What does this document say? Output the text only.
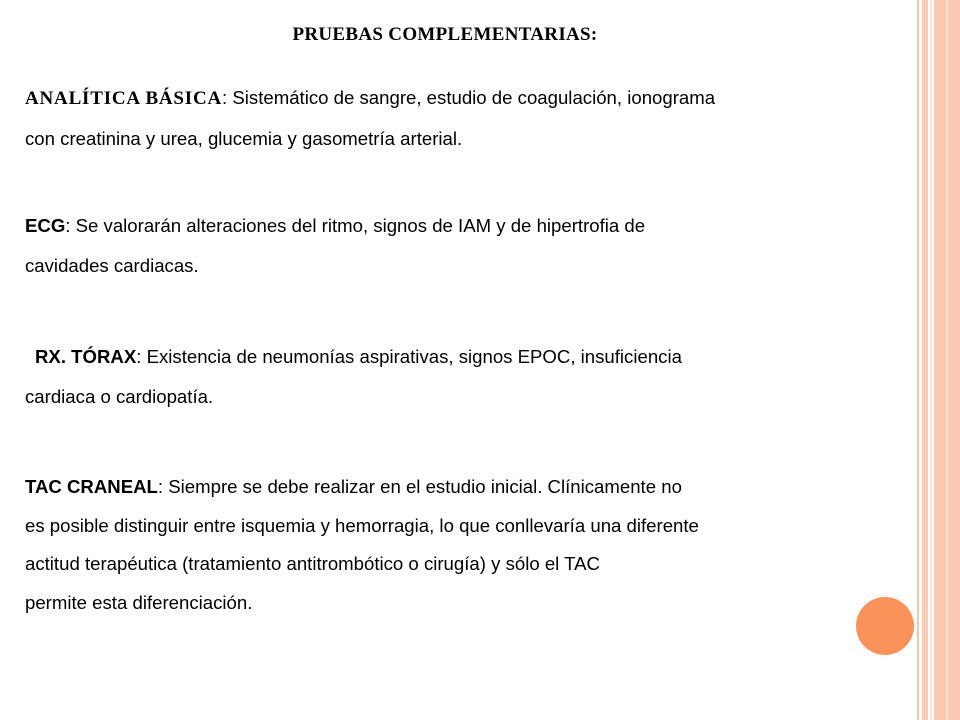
PRUEBAS COMPLEMENTARIAS:

ANALÍTICA BÁSICA: Sistemático de sangre, estudio de coagulación, ionograma
con creatinina y urea, glucemia y gasometría arterial.

ECG: Se valorarán alteraciones del ritmo, signos de IAM y de hipertrofia de
cavidades cardiacas.

RX. TÓRAX: Existencia de neumonías aspirativas, signos EPOC, insuficiencia
cardiaca o cardiopatía.

TAC CRANEAL: Siempre se debe realizar en el estudio inicial. Clínicamente no
es posible distinguir entre isquemia y hemorragia, lo que conllevaría una diferente
actitud terapéutica (tratamiento antitrombótico o cirugía) y sólo el TAC
permite esta diferenciación.
